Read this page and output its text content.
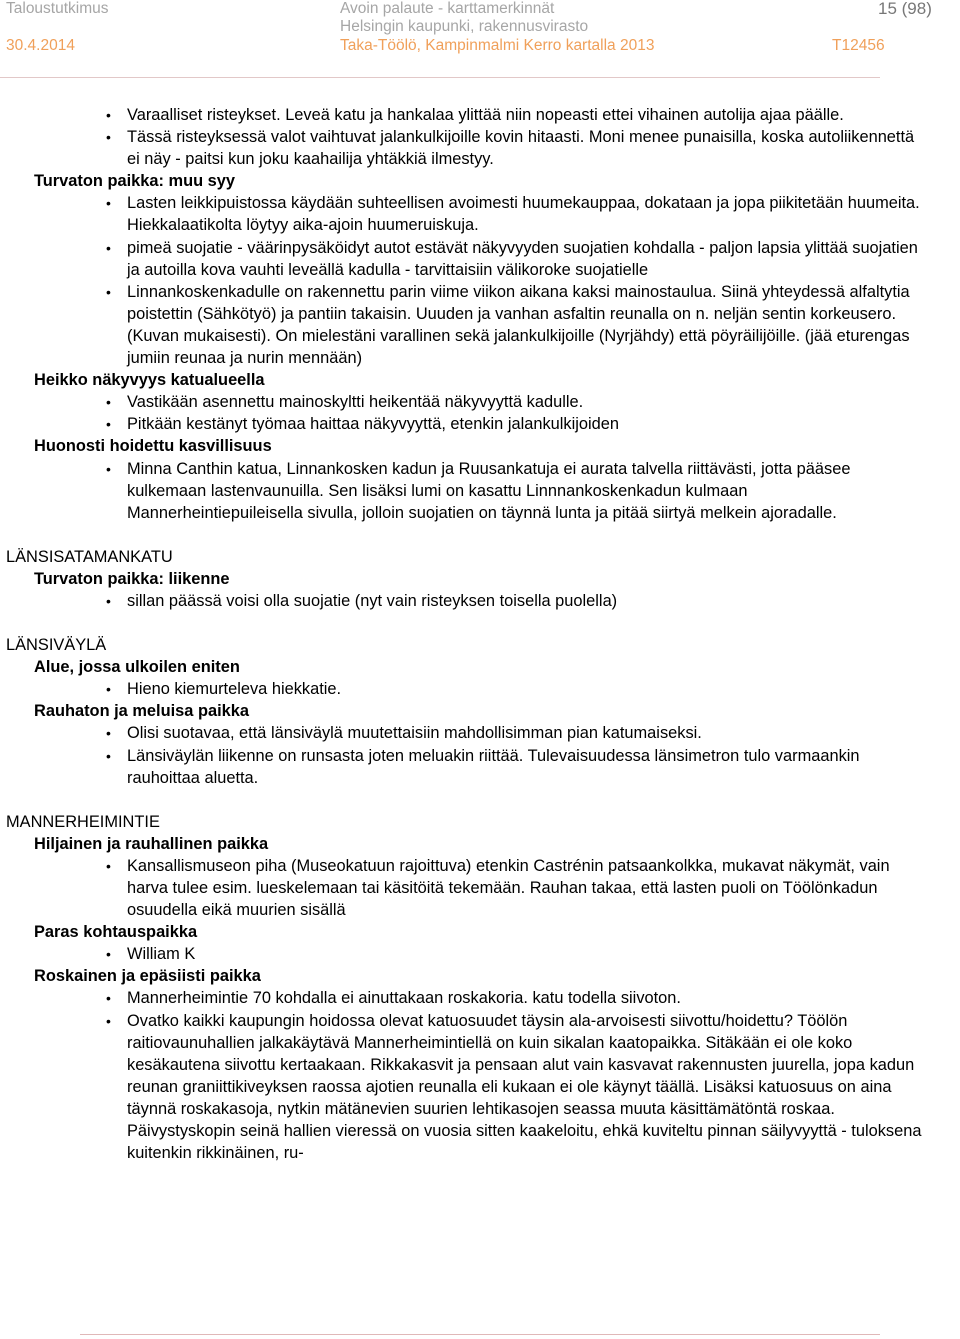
Taloustutkimus
30.4.2014
Avoin palaute - karttamerkinnät
Helsingin kaupunki, rakennusvirasto
Taka-Töölö, Kampinmalmi Kerro kartalla 2013
15 (98)
T12456
• Varaalliset risteykset. Leveä katu ja hankalaa ylittää niin nopeasti ettei vihainen autolija ajaa päälle.
• Tässä risteyksessä valot vaihtuvat jalankulkijoille kovin hitaasti. Moni menee punaisilla, koska autoliikennettä ei näy - paitsi kun joku kaahailija yhtäkkiä ilmestyy.
Turvaton paikka: muu syy
• Lasten leikkipuistossa käydään suhteellisen avoimesti huumekauppaa, dokataan ja jopa piikitetään huumeita. Hiekkalaatikolta löytyy aika-ajoin huumeruiskuja.
• pimeä suojatie - väärinpysäköidyt autot estävät näkyvyyden suojatien kohdalla - paljon lapsia ylittää suojatien ja autoilla kova vauhti leveällä kadulla - tarvittaisiin välikoroke suojatielle
• Linnankoskenkadulle on rakennettu parin viime viikon aikana kaksi mainostaulua. Siinä yhteydessä alfaltytia poistettin (Sähkötyö) ja pantiin takaisin. Uuuden ja vanhan asfaltin reunalla on n. neljän sentin korkeusero. (Kuvan mukaisesti). On mielestäni varallinen sekä jalankulkijoille (Nyrjähdy) että pöyräilijöille. (jää eturengas jumiin reunaa ja nurin mennään)
Heikko näkyvyys katualueella
• Vastikään asennettu mainoskyltti heikentää näkyvyyttä kadulle.
• Pitkään kestänyt työmaa haittaa näkyvyyttä, etenkin jalankulkijoiden
Huonosti hoidettu kasvillisuus
• Minna Canthin katua, Linnankosken kadun ja Ruusankatuja ei aurata talvella riittävästi, jotta pääsee kulkemaan lastenvaunuilla. Sen lisäksi lumi on kasattu Linnnankoskenkadun kulmaan Mannerheintiepuileisella sivulla, jolloin suojatien on täynnä lunta ja pitää siirtyä melkein ajoradalle.
LÄNSISATAMANKATU
Turvaton paikka: liikenne
• sillan päässä voisi olla suojatie (nyt vain risteyksen toisella puolella)
LÄNSIVÄYLÄ
Alue, jossa ulkoilen eniten
• Hieno kiemurteleva hiekkatie.
Rauhaton ja meluisa paikka
• Olisi suotavaa, että länsiväylä muutettaisiin mahdollisimman pian katumaiseksi.
• Länsiväylän liikenne on runsasta joten meluakin riittää. Tulevaisuudessa länsimetron tulo varmaankin rauhoittaa aluetta.
MANNERHEIMINTIE
Hiljainen ja rauhallinen paikka
• Kansallismuseon piha (Museokatuun rajoittuva) etenkin Castrénin patsaankolkka, mukavat näkymät, vain harva tulee esim. lueskelemaan tai käsitöitä tekemään. Rauhan takaa, että lasten puoli on Töölönkadun osuudella eikä muurien sisällä
Paras kohtauspaikka
• William K
Roskainen ja epäsiisti paikka
• Mannerheimintie 70 kohdalla ei ainuttakaan roskakoria. katu todella siivoton.
• Ovatko kaikki kaupungin hoidossa olevat katuosuudet täysin ala-arvoisesti siivottu/hoidettu? Töölön raitiovaunuhallien jalkakäytävä Mannerheimintiellä on kuin sikalan kaatopaikka. Sitäkään ei ole koko kesäkautena siivottu kertaakaan. Rikkakasvit ja pensaan alut vain kasvavat rakennusten juurella, jopa kadun reunan graniittikiveyksen raossa ajotien reunalla eli kukaan ei ole käynyt täällä. Lisäksi katuosuus on aina täynnä roskakasoja, nytkin mätänevien suurien lehtikasojen seassa muuta käsittämätöntä roskaa. Päivystyskopin seinä hallien vieressä on vuosia sitten kaakeloitu, ehkä kuviteltu pinnan säilyvyyttä - tuloksena kuitenkin rikkinäinen, ru-
